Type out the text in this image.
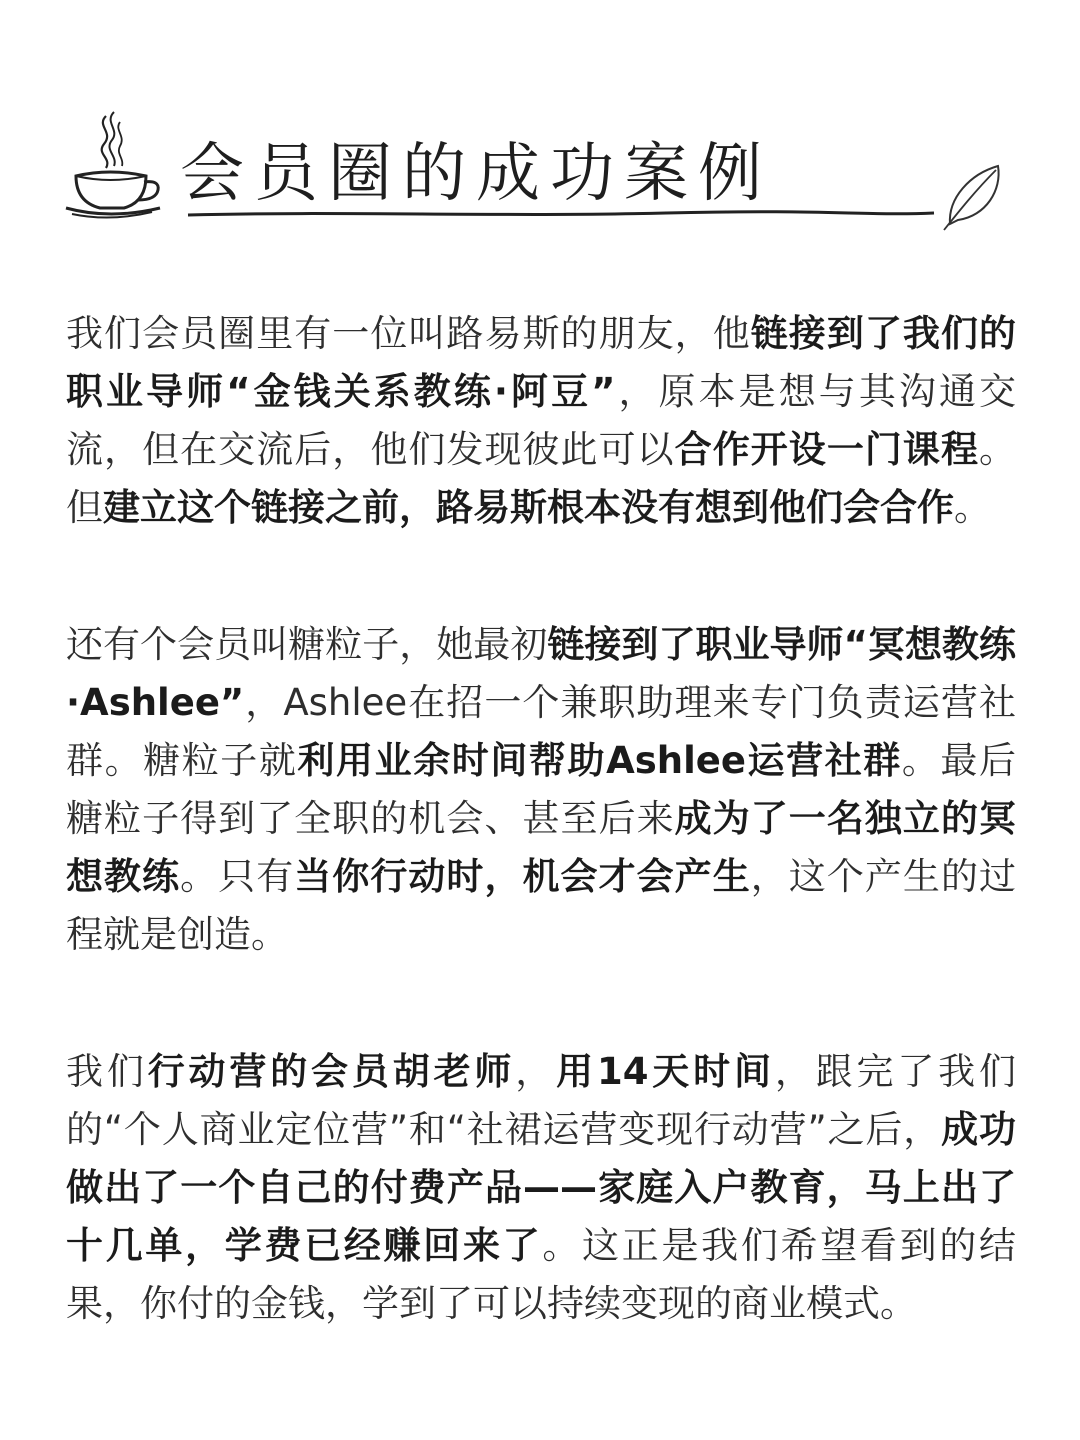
会员圈的成功案例

我们会员圈里有一位叫路易斯的朋友，他链接到了我们的职业导师“金钱关系教练·阿豆”，原本是想与其沟通交流，但在交流后，他们发现彼此可以合作开设一门课程。但建立这个链接之前，路易斯根本没有想到他们会合作。

还有个会员叫糖粒子，她最初链接到了职业导师“冥想教练·Ashlee”，Ashlee在招一个兼职助理来专门负责运营社群。糖粒子就利用业余时间帮助Ashlee运营社群。最后糖粒子得到了全职的机会、甚至后来成为了一名独立的冥想教练。只有当你行动时，机会才会产生，这个产生的过程就是创造。

我们行动营的会员胡老师，用14天时间，跟完了我们的“个人商业定位营”和“社裙运营变现行动营”之后，成功做出了一个自己的付费产品——家庭入户教育，马上出了十几单，学费已经赚回来了。这正是我们希望看到的结果，你付的金钱，学到了可以持续变现的商业模式。
